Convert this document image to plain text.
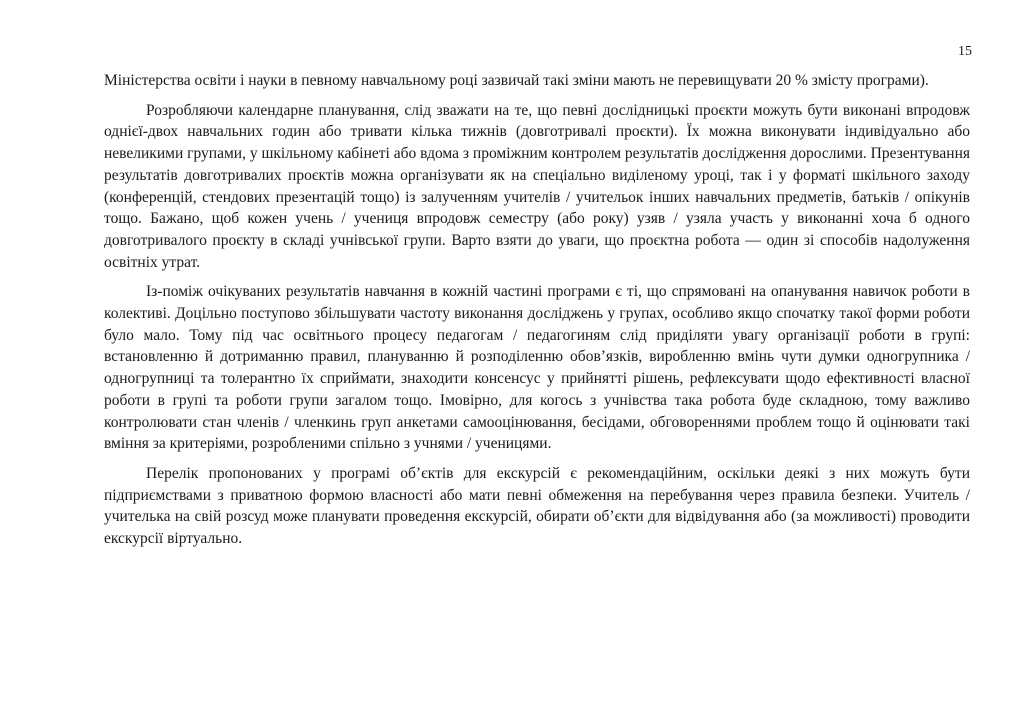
15

Міністерства освіти і науки в певному навчальному році зазвичай такі зміни мають не перевищувати 20 % змісту програми).

Розробляючи календарне планування, слід зважати на те, що певні дослідницькі проєкти можуть бути виконані впродовж однієї-двох навчальних годин або тривати кілька тижнів (довготривалі проєкти). Їх можна виконувати індивідуально або невеликими групами, у шкільному кабінеті або вдома з проміжним контролем результатів дослідження дорослими. Презентування результатів довготривалих проєктів можна організувати як на спеціально виділеному уроці, так і у форматі шкільного заходу (конференцій, стендових презентацій тощо) із залученням учителів / учительок інших навчальних предметів, батьків / опікунів тощо. Бажано, щоб кожен учень / учениця впродовж семестру (або року) узяв / узяла участь у виконанні хоча б одного довготривалого проєкту в складі учнівської групи. Варто взяти до уваги, що проєктна робота — один зі способів надолуження освітніх утрат.

Із-поміж очікуваних результатів навчання в кожній частині програми є ті, що спрямовані на опанування навичок роботи в колективі. Доцільно поступово збільшувати частоту виконання досліджень у групах, особливо якщо спочатку такої форми роботи було мало. Тому під час освітнього процесу педагогам / педагогиням слід приділяти увагу організації роботи в групі: встановленню й дотриманню правил, плануванню й розподіленню обов’язків, виробленню вмінь чути думки одногрупника / одногрупниці та толерантно їх сприймати, знаходити консенсус у прийнятті рішень, рефлексувати щодо ефективності власної роботи в групі та роботи групи загалом тощо. Імовірно, для когось з учнівства така робота буде складною, тому важливо контролювати стан членів / членкинь груп анкетами самооцінювання, бесідами, обговореннями проблем тощо й оцінювати такі вміння за критеріями, розробленими спільно з учнями / ученицями.

Перелік пропонованих у програмі об’єктів для екскурсій є рекомендаційним, оскільки деякі з них можуть бути підприємствами з приватною формою власності або мати певні обмеження на перебування через правила безпеки. Учитель / учителька на свій розсуд може планувати проведення екскурсій, обирати об’єкти для відвідування або (за можливості) проводити екскурсії віртуально.
